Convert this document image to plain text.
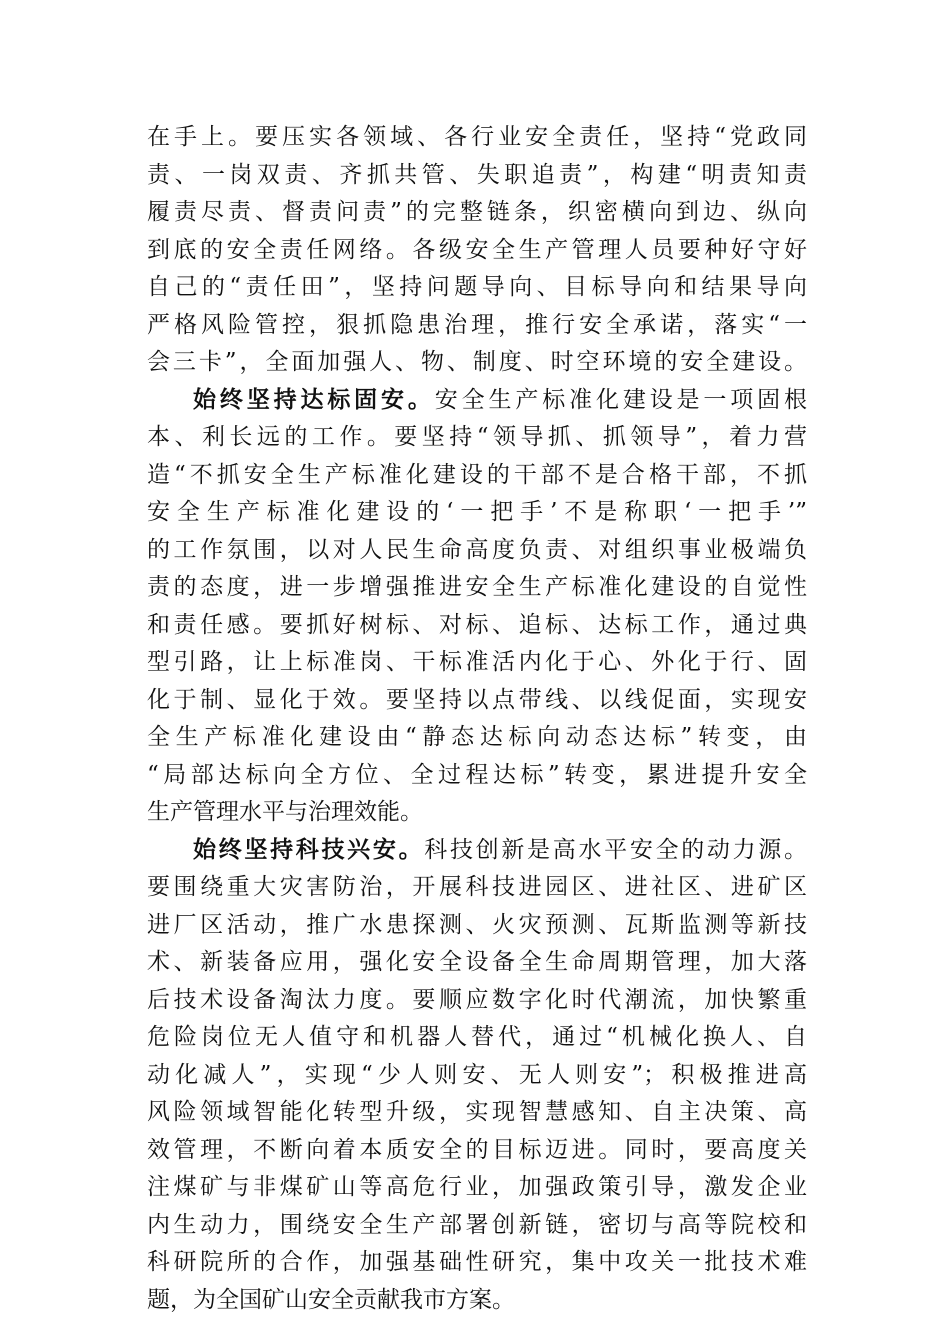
在手上。要压实各领域、各行业安全责任，坚持“党政同
责、一岗双责、齐抓共管、失职追责”，构建“明责知责
履责尽责、督责问责”的完整链条，织密横向到边、纵向
到底的安全责任网络。各级安全生产管理人员要种好守好
自己的“责任田”，坚持问题导向、目标导向和结果导向
严格风险管控，狠抓隐患治理，推行安全承诺，落实“一
会三卡”，全面加强人、物、制度、时空环境的安全建设。
始终坚持达标固安。安全生产标准化建设是一项固根
本、利长远的工作。要坚持“领导抓、抓领导”，着力营
造“不抓安全生产标准化建设的干部不是合格干部，不抓
安全生产标准化建设的‘一把手’不是称职‘一把手’”
的工作氛围，以对人民生命高度负责、对组织事业极端负
责的态度，进一步增强推进安全生产标准化建设的自觉性
和责任感。要抓好树标、对标、追标、达标工作，通过典
型引路，让上标准岗、干标准活内化于心、外化于行、固
化于制、显化于效。要坚持以点带线、以线促面，实现安
全生产标准化建设由“静态达标向动态达标”转变，由
“局部达标向全方位、全过程达标”转变，累进提升安全
生产管理水平与治理效能。
始终坚持科技兴安。科技创新是高水平安全的动力源。
要围绕重大灾害防治，开展科技进园区、进社区、进矿区
进厂区活动，推广水患探测、火灾预测、瓦斯监测等新技
术、新装备应用，强化安全设备全生命周期管理，加大落
后技术设备淘汰力度。要顺应数字化时代潮流，加快繁重
危险岗位无人值守和机器人替代，通过“机械化换人、自
动化减人”，实现“少人则安、无人则安”；积极推进高
风险领域智能化转型升级，实现智慧感知、自主决策、高
效管理，不断向着本质安全的目标迈进。同时，要高度关
注煤矿与非煤矿山等高危行业，加强政策引导，激发企业
内生动力，围绕安全生产部署创新链，密切与高等院校和
科研院所的合作，加强基础性研究，集中攻关一批技术难
题，为全国矿山安全贡献我市方案。
